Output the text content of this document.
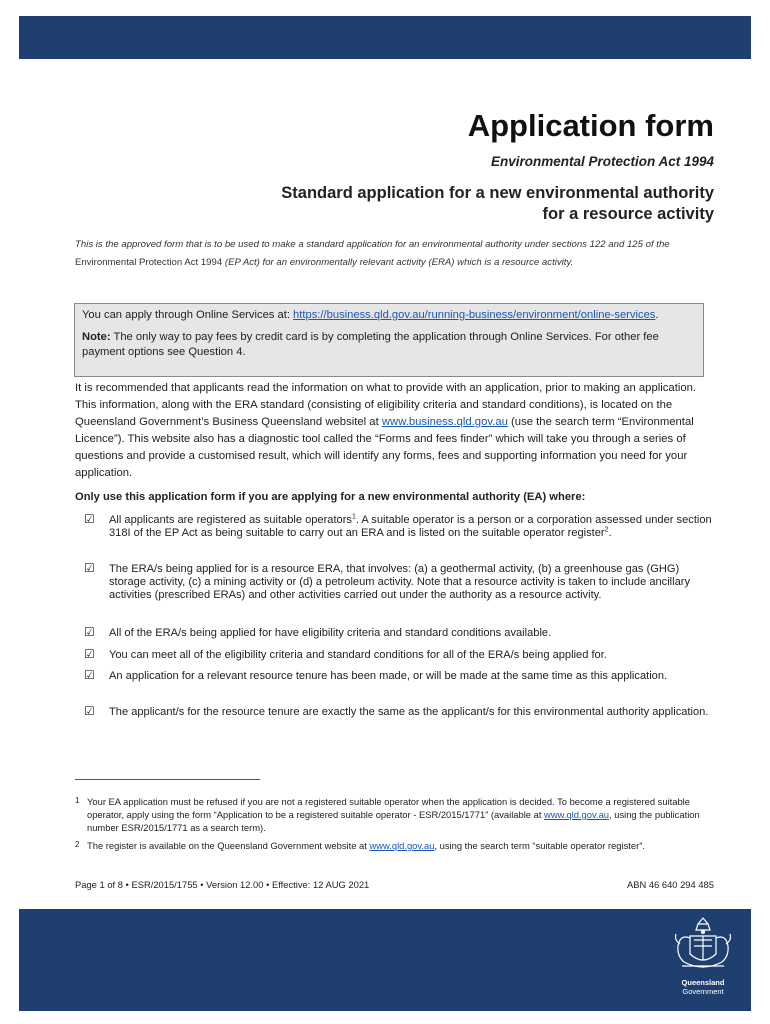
Application form
Environmental Protection Act 1994
Standard application for a new environmental authority
for a resource activity
This is the approved form that is to be used to make a standard application for an environmental authority under sections 122 and 125 of the Environmental Protection Act 1994 (EP Act) for an environmentally relevant activity (ERA) which is a resource activity.

You can apply through Online Services at: https://business.qld.gov.au/running-business/environment/online-services.

Note: The only way to pay fees by credit card is by completing the application through Online Services. For other fee payment options see Question 4.

It is recommended that applicants read the information on what to provide with an application, prior to making an application. This information, along with the ERA standard (consisting of eligibility criteria and standard conditions), is located on the Queensland Government’s Business Queensland websitel at www.business.qld.gov.au (use the search term “Environmental Licence”). This website also has a diagnostic tool called the “Forms and fees finder” which will take you through a series of questions and provide a customised result, which will identify any forms, fees and supporting information you need for your application.
Only use this application form if you are applying for a new environmental authority (EA) where:
☑ All applicants are registered as suitable operators$^1$. A suitable operator is a person or a corporation assessed under section 318I of the EP Act as being suitable to carry out an ERA and is listed on the suitable operator register$^2$.
☑ The ERA/s being applied for is a resource ERA, that involves: (a) a geothermal activity, (b) a greenhouse gas (GHG) storage activity, (c) a mining activity or (d) a petroleum activity. Note that a resource activity is taken to include ancillary activities (prescribed ERAs) and other activities carried out under the authority as a resource activity.
☑ All of the ERA/s being applied for have eligibility criteria and standard conditions available.
☑ You can meet all of the eligibility criteria and standard conditions for all of the ERA/s being applied for.
☑ An application for a relevant resource tenure has been made, or will be made at the same time as this application.
☑ The applicant/s for the resource tenure are exactly the same as the applicant/s for this environmental authority application.
1 Your EA application must be refused if you are not a registered suitable operator when the application is decided. To become a registered suitable operator, apply using the form “Application to be a registered suitable operator - ESR/2015/1771” (available at www.qld.gov.au, using the publication number ESR/2015/1771 as a search term).
2 The register is available on the Queensland Government website at www.qld.gov.au, using the search term “suitable operator register”.
Page 1 of 8 • ESR/2015/1755 • Version 12.00 • Effective: 12 AUG 2021	ABN 46 640 294 485
Queensland
Government
